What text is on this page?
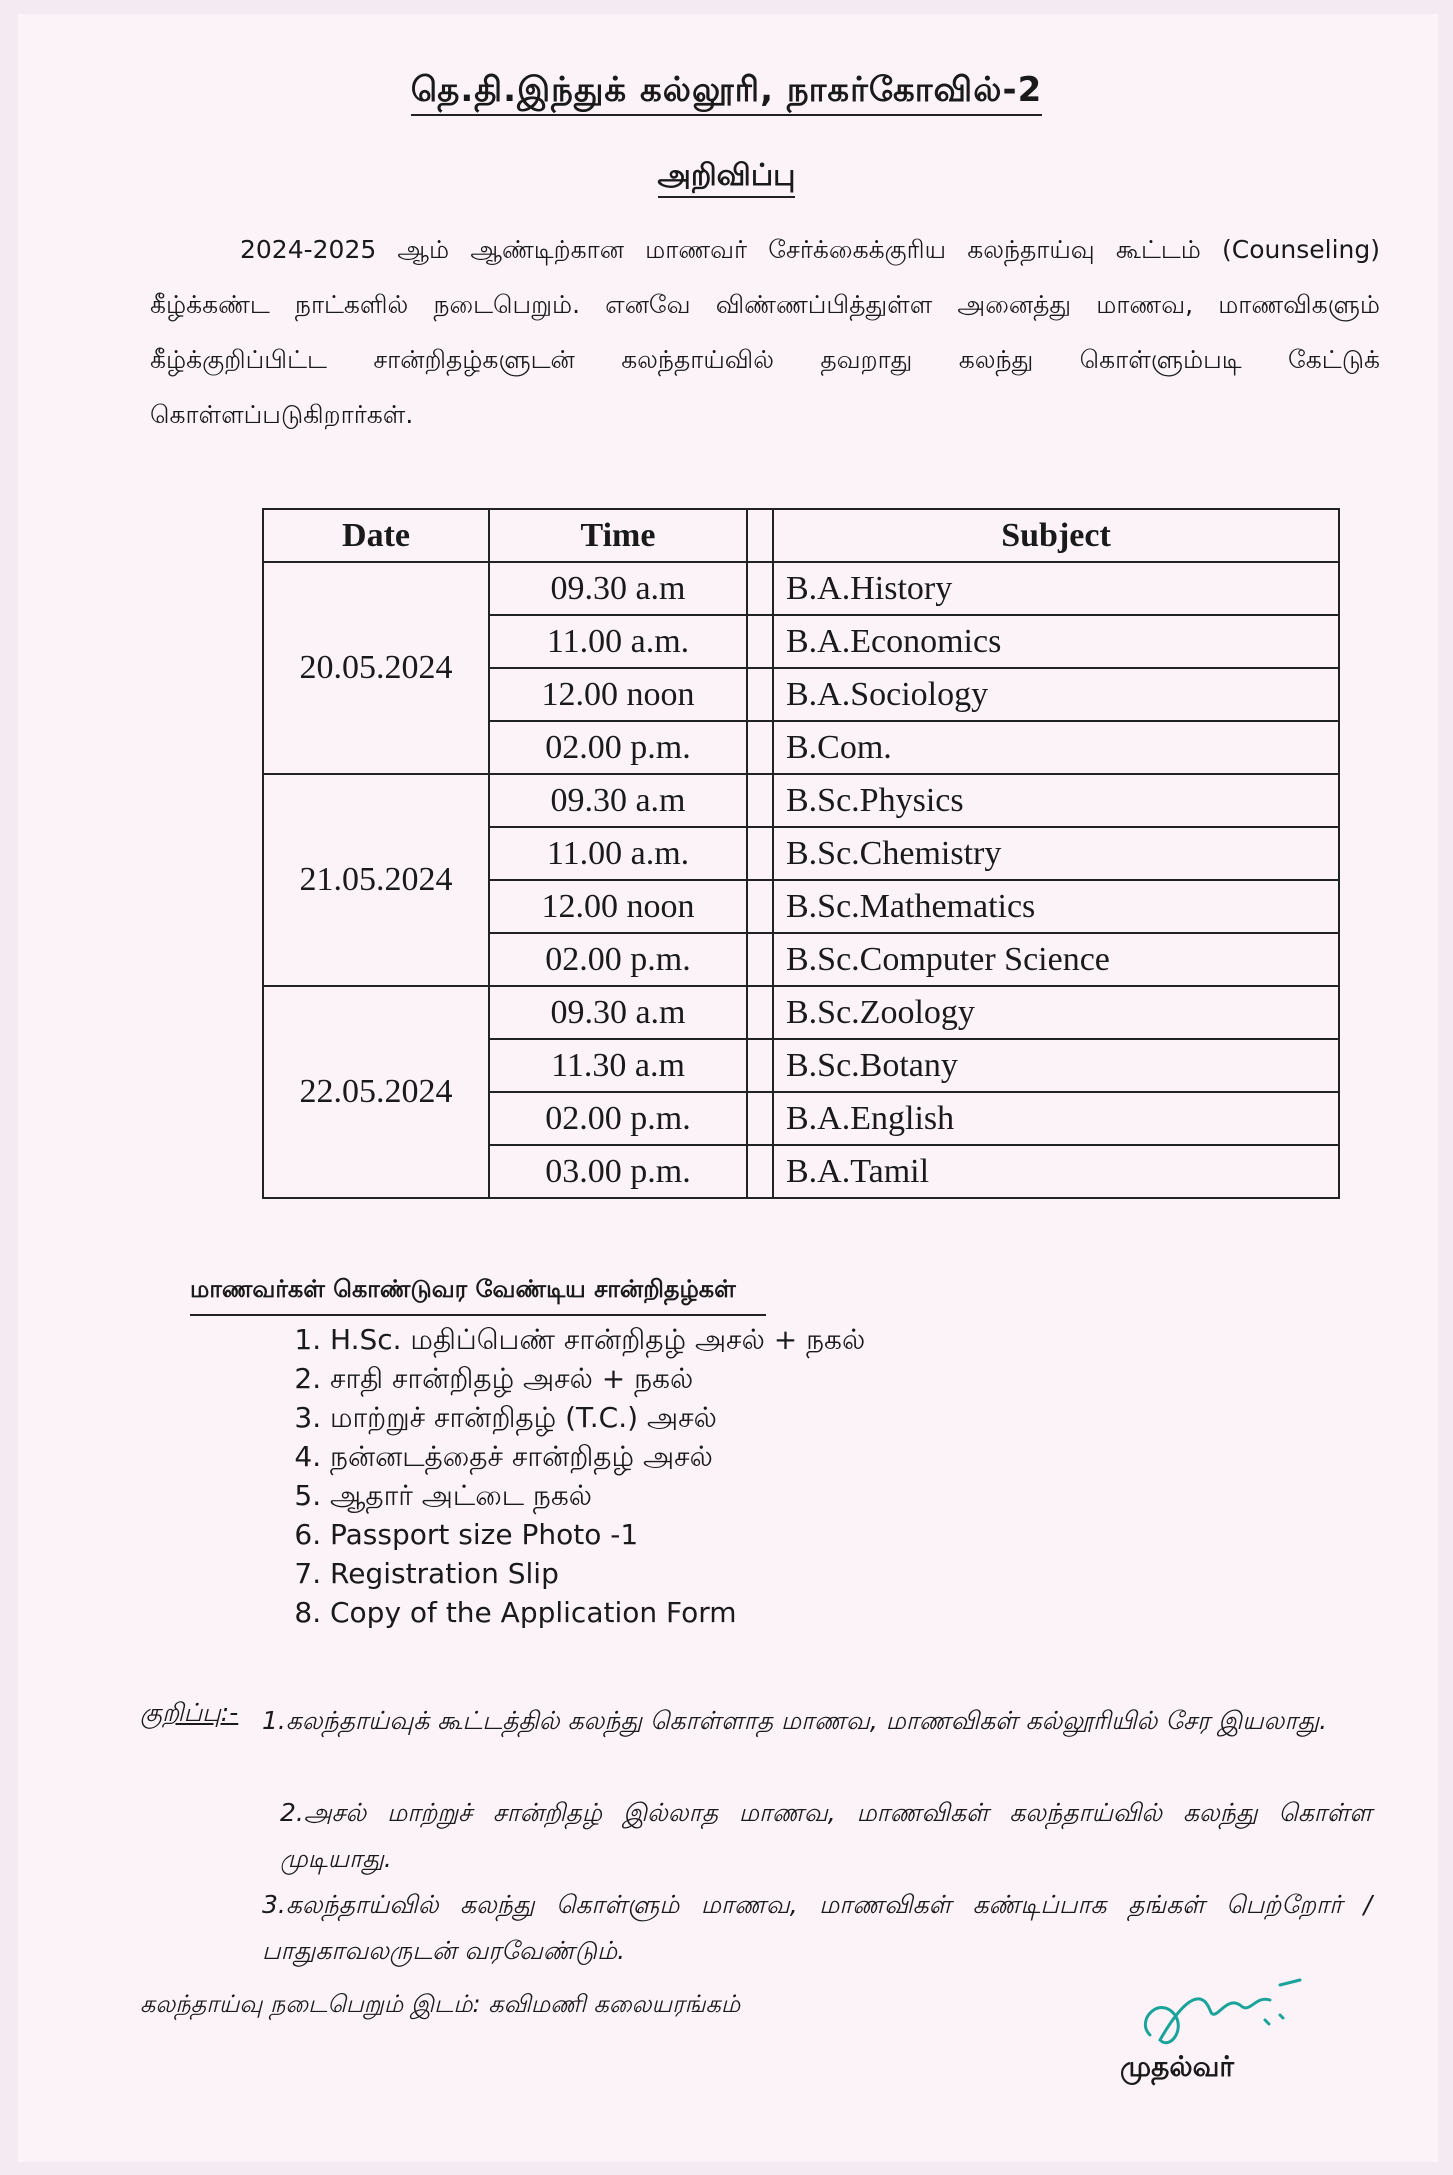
தெ.தி.இந்துக் கல்லூரி, நாகர்கோவில்-2
அறிவிப்பு
2024-2025 ஆம் ஆண்டிற்கான மாணவர் சேர்க்கைக்குரிய கலந்தாய்வு கூட்டம் (Counseling) கீழ்க்கண்ட நாட்களில் நடைபெறும். எனவே விண்ணப்பித்துள்ள அனைத்து மாணவ, மாணவிகளும் கீழ்க்குறிப்பிட்ட சான்றிதழ்களுடன் கலந்தாய்வில் தவறாது கலந்து கொள்ளும்படி கேட்டுக் கொள்ளப்படுகிறார்கள்.
Date	Time		Subject
20.05.2024	09.30 a.m		B.A.History
	11.00 a.m.		B.A.Economics
	12.00 noon		B.A.Sociology
	02.00 p.m.		B.Com.
21.05.2024	09.30 a.m		B.Sc.Physics
	11.00 a.m.		B.Sc.Chemistry
	12.00 noon		B.Sc.Mathematics
	02.00 p.m.		B.Sc.Computer Science
22.05.2024	09.30 a.m		B.Sc.Zoology
	11.30 a.m		B.Sc.Botany
	02.00 p.m.		B.A.English
	03.00 p.m.		B.A.Tamil
மாணவர்கள் கொண்டுவர வேண்டிய சான்றிதழ்கள்
1. H.Sc. மதிப்பெண் சான்றிதழ் அசல் + நகல்
2. சாதி சான்றிதழ் அசல் + நகல்
3. மாற்றுச் சான்றிதழ் (T.C.) அசல்
4. நன்னடத்தைச் சான்றிதழ் அசல்
5. ஆதார் அட்டை நகல்
6. Passport size Photo -1
7. Registration Slip
8. Copy of the Application Form
குறிப்பு:- 1.கலந்தாய்வுக் கூட்டத்தில் கலந்து கொள்ளாத மாணவ, மாணவிகள் கல்லூரியில் சேர இயலாது.
2.அசல் மாற்றுச் சான்றிதழ் இல்லாத மாணவ, மாணவிகள் கலந்தாய்வில் கலந்து கொள்ள முடியாது.
3.கலந்தாய்வில் கலந்து கொள்ளும் மாணவ, மாணவிகள் கண்டிப்பாக தங்கள் பெற்றோர் / பாதுகாவலருடன் வரவேண்டும்.
கலந்தாய்வு நடைபெறும் இடம்: கவிமணி கலையரங்கம்
முதல்வர்
